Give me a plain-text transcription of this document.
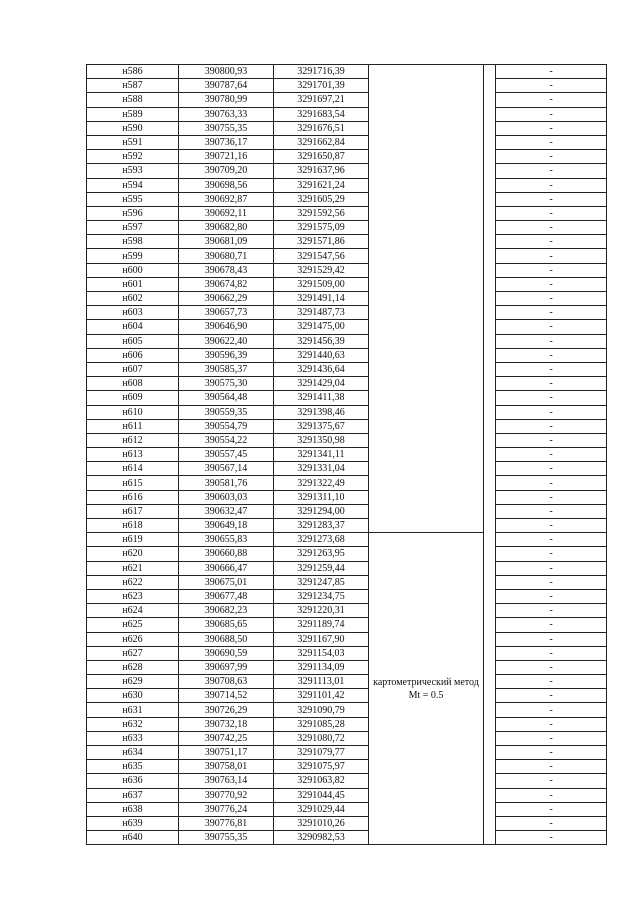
н586	390800,93	3291716,39			-
н587	390787,64	3291701,39			-
н588	390780,99	3291697,21			-
н589	390763,33	3291683,54			-
н590	390755,35	3291676,51			-
н591	390736,17	3291662,84			-
н592	390721,16	3291650,87			-
н593	390709,20	3291637,96			-
н594	390698,56	3291621,24			-
н595	390692,87	3291605,29			-
н596	390692,11	3291592,56			-
н597	390682,80	3291575,09			-
н598	390681,09	3291571,86			-
н599	390680,71	3291547,56			-
н600	390678,43	3291529,42			-
н601	390674,82	3291509,00			-
н602	390662,29	3291491,14			-
н603	390657,73	3291487,73			-
н604	390646,90	3291475,00			-
н605	390622,40	3291456,39			-
н606	390596,39	3291440,63			-
н607	390585,37	3291436,64			-
н608	390575,30	3291429,04			-
н609	390564,48	3291411,38			-
н610	390559,35	3291398,46			-
н611	390554,79	3291375,67			-
н612	390554,22	3291350,98			-
н613	390557,45	3291341,11			-
н614	390567,14	3291331,04			-
н615	390581,76	3291322,49			-
н616	390603,03	3291311,10			-
н617	390632,47	3291294,00			-
н618	390649,18	3291283,37			-
н619	390655,83	3291273,68	картометрический метод Mt = 0.5		-
н620	390660,88	3291263,95			-
н621	390666,47	3291259,44			-
н622	390675,01	3291247,85			-
н623	390677,48	3291234,75			-
н624	390682,23	3291220,31			-
н625	390685,65	3291189,74			-
н626	390688,50	3291167,90			-
н627	390690,59	3291154,03			-
н628	390697,99	3291134,09			-
н629	390708,63	3291113,01			-
н630	390714,52	3291101,42			-
н631	390726,29	3291090,79			-
н632	390732,18	3291085,28			-
н633	390742,25	3291080,72			-
н634	390751,17	3291079,77			-
н635	390758,01	3291075,97			-
н636	390763,14	3291063,82			-
н637	390770,92	3291044,45			-
н638	390776,24	3291029,44			-
н639	390776,81	3291010,26			-
н640	390755,35	3290982,53			-
